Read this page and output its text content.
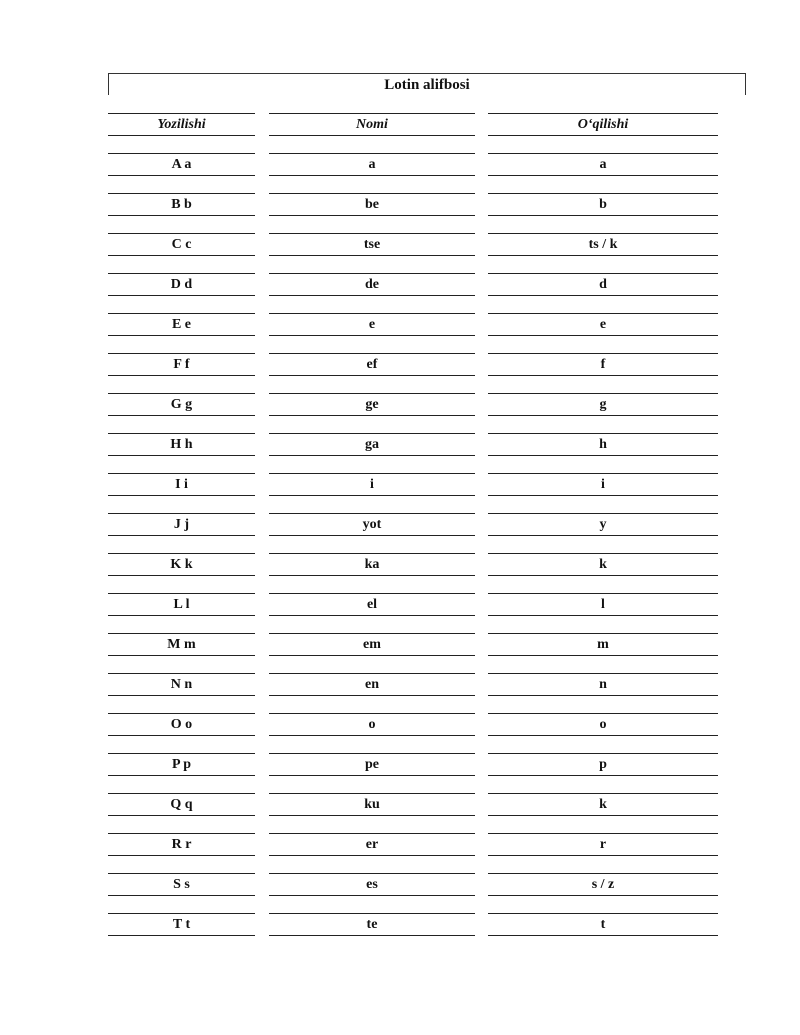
Lotin alifbosi
Yozilishi
A a
B b
C c
D d
E e
F f
G g
H h
I i
J j
K k
L l
M m
N n
O o
P p
Q q
R r
S s
T t
Nomi
a
be
tse
de
e
ef
ge
ga
i
yot
ka
el
em
en
o
pe
ku
er
es
te
O‘qilishi
a
b
ts / k
d
e
f
g
h
i
y
k
l
m
n
o
p
k
r
s / z
t
